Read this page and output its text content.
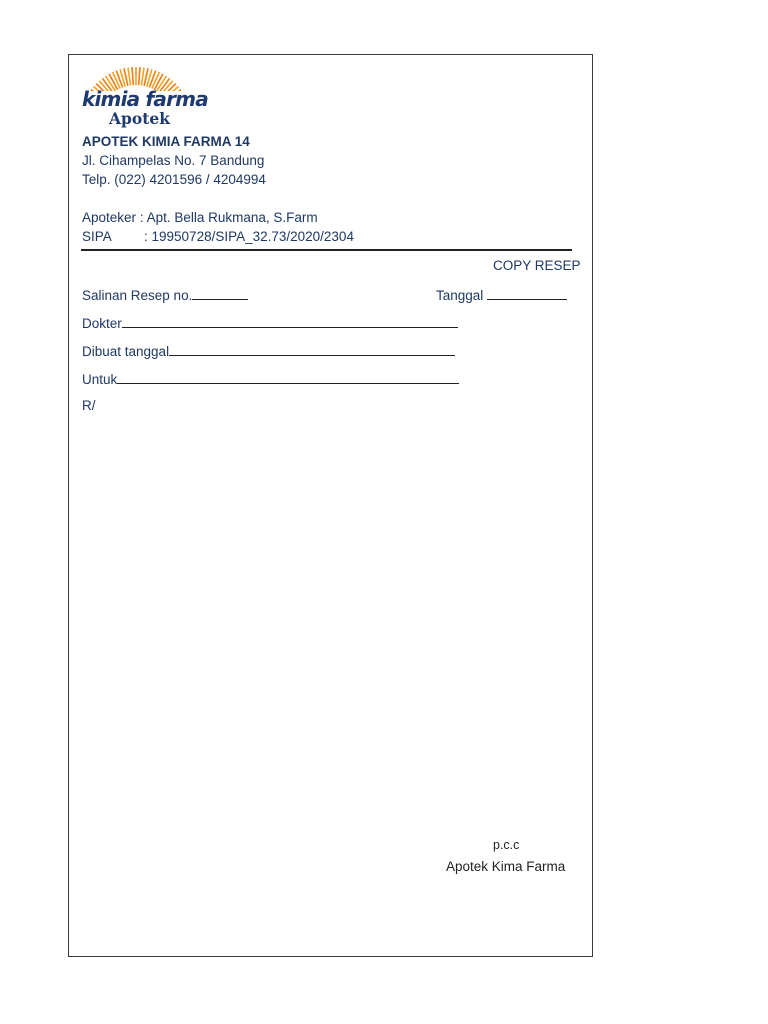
kimia farma
Apotek
APOTEK KIMIA FARMA 14
Jl. Cihampelas No. 7 Bandung
Telp. (022) 4201596 / 4204994
Apoteker : Apt. Bella Rukmana, S.Farm
SIPA : 19950728/SIPA_32.73/2020/2304
COPY RESEP
Salinan Resep no.	Tanggal
Dokter
Dibuat tanggal
Untuk
R/
p.c.c
Apotek Kima Farma
